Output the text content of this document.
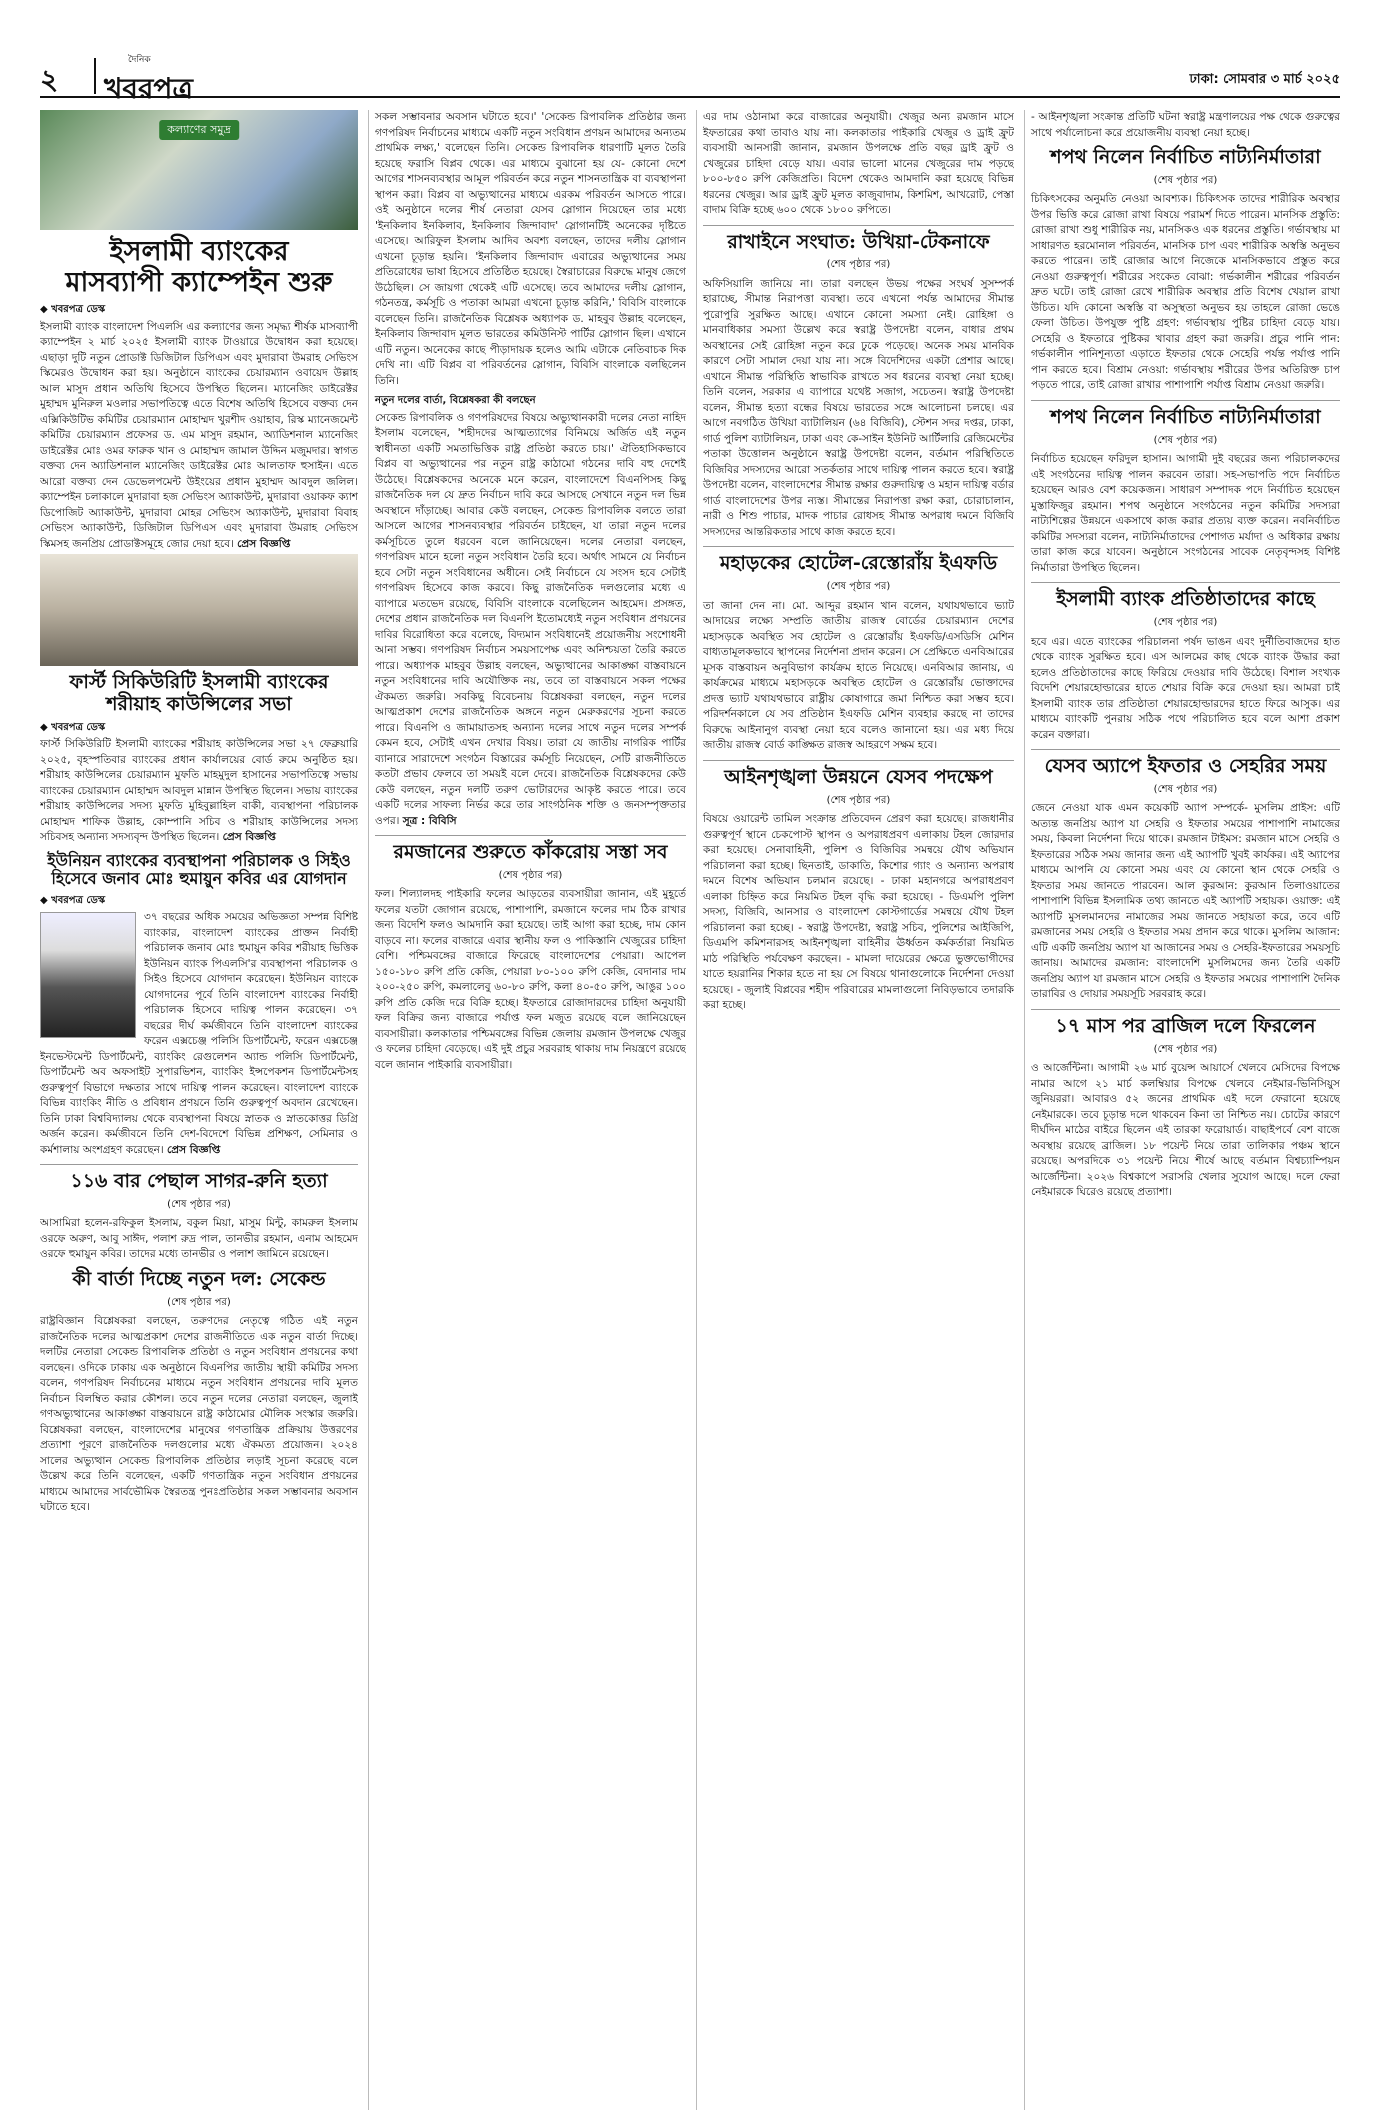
২
দৈনিক
খবরপত্র	ঢাকা: সোমবার ৩ মার্চ ২০২৫
কল্যাণের সমুদ্র
ইসলামী ব্যাংকের
মাসব্যাপী ক্যাম্পেইন শুরু
◆ খবরপত্র ডেস্ক

ইসলামী ব্যাংক বাংলাদেশ পিএলসি এর কল্যাণের জন্য সমৃদ্ধ্য শীর্ষক মাসব্যাপী ক্যাম্পেইন ২ মার্চ ২০২৫ ইসলামী ব্যাংক টাওয়ারে উদ্বোধন করা হয়েছে। এছাড়া দুটি নতুন প্রোডাক্ট ডিজিটাল ডিপিএস এবং মুদারাবা উমরাহ সেভিংস স্কিমেরও উদ্বোধন করা হয়। অনুষ্ঠানে ব্যাংকের চেয়ারম্যান ওবায়েদ উল্লাহ আল মাসুদ প্রধান অতিথি হিসেবে উপস্থিত ছিলেন। ম্যানেজিং ডাইরেক্টর মুহাম্মদ মুনিরুল মওলার সভাপতিত্বে এতে বিশেষ অতিথি হিসেবে বক্তব্য দেন এক্সিকিউটিভ কমিটির চেয়ারম্যান মোহাম্মদ খুরশীদ ওয়াহাব, রিস্ক ম্যানেজমেন্ট কমিটির চেয়ারম্যান প্রফেসর ড. এম মাসুদ রহমান, অ্যাডিশনাল ম্যানেজিং ডাইরেক্টর মোঃ ওমর ফারুক খান ও মোহাম্মদ জামাল উদ্দিন মজুমদার। স্বাগত বক্তব্য দেন অ্যাডিশনাল ম্যানেজিং ডাইরেক্টর মোঃ আলতাফ হুসাইন। এতে আরো বক্তব্য দেন ডেভেলপমেন্ট উইংয়ের প্রধান মুহাম্মদ আবদুল জলিল। ক্যাম্পেইন চলাকালে মুদারাবা হজ সেভিংস অ্যাকাউন্ট, মুদারাবা ওয়াকফ ক্যাশ ডিপোজিট অ্যাকাউন্ট, মুদারাবা মোহর সেভিংস অ্যাকাউন্ট, মুদারাবা বিবাহ সেভিংস অ্যাকাউন্ট, ডিজিটাল ডিপিএস এবং মুদারাবা উমরাহ সেভিংস স্কিমসহ জনপ্রিয় প্রোডাক্টসমূহে জোর দেয়া হবে। প্রেস বিজ্ঞপ্তি

ফার্স্ট সিকিউরিটি ইসলামী ব্যাংকের
শরীয়াহ কাউন্সিলের সভা
◆ খবরপত্র ডেস্ক

ফার্স্ট সিকিউরিটি ইসলামী ব্যাংকের শরীয়াহ কাউন্সিলের সভা ২৭ ফেব্রুয়ারি ২০২৫, বৃহস্পতিবার ব্যাংকের প্রধান কার্যালয়ের বোর্ড রুমে অনুষ্ঠিত হয়। শরীয়াহ কাউন্সিলের চেয়ারম্যান মুফতি মাহমুদুল হাসানের সভাপতিত্বে সভায় ব্যাংকের চেয়ারম্যান মোহাম্মদ আবদুল মান্নান উপস্থিত ছিলেন। সভায় ব্যাংকের শরীয়াহ কাউন্সিলের সদস্য মুফতি মুহিবুল্লাহিল বাকী, ব্যবস্থাপনা পরিচালক মোহাম্মদ শাফিক উল্লাহ, কোম্পানি সচিব ও শরীয়াহ কাউন্সিলের সদস্য সচিবসহ অন্যান্য সদস্যবৃন্দ উপস্থিত ছিলেন। প্রেস বিজ্ঞপ্তি

ইউনিয়ন ব্যাংকের ব্যবস্থাপনা পরিচালক ও সিইও
হিসেবে জনাব মোঃ হুমায়ুন কবির এর যোগদান
◆ খবরপত্র ডেস্ক

৩৭ বছরের অধিক সময়ের অভিজ্ঞতা সম্পন্ন বিশিষ্ট ব্যাংকার, বাংলাদেশ ব্যাংকের প্রাক্তন নির্বাহী পরিচালক জনাব মোঃ হুমায়ুন কবির শরীয়াহ ভিত্তিক ইউনিয়ন ব্যাংক পিএলসি'র ব্যবস্থাপনা পরিচালক ও সিইও হিসেবে যোগদান করেছেন। ইউনিয়ন ব্যাংকে যোগদানের পূর্বে তিনি বাংলাদেশ ব্যাংকের নির্বাহী পরিচালক হিসেবে দায়িত্ব পালন করেছেন। ৩৭ বছরের দীর্ঘ কর্মজীবনে তিনি বাংলাদেশ ব্যাংকের ফরেন এক্সচেঞ্জ পলিসি ডিপার্টমেন্ট, ফরেন এক্সচেঞ্জ ইনভেস্টমেন্ট ডিপার্টমেন্ট, ব্যাংকিং রেগুলেশন অ্যান্ড পলিসি ডিপার্টমেন্ট, ডিপার্টমেন্ট অব অফসাইট সুপারভিশন, ব্যাংকিং ইন্সপেকশন ডিপার্টমেন্টসহ গুরুত্বপূর্ণ বিভাগে দক্ষতার সাথে দায়িত্ব পালন করেছেন। বাংলাদেশ ব্যাংকে বিভিন্ন ব্যাংকিং নীতি ও প্রবিধান প্রণয়নে তিনি গুরুত্বপূর্ণ অবদান রেখেছেন। তিনি ঢাকা বিশ্ববিদ্যালয় থেকে ব্যবস্থাপনা বিষয়ে স্নাতক ও স্নাতকোত্তর ডিগ্রি অর্জন করেন। কর্মজীবনে তিনি দেশ-বিদেশে বিভিন্ন প্রশিক্ষণ, সেমিনার ও কর্মশালায় অংশগ্রহণ করেছেন। প্রেস বিজ্ঞপ্তি

১১৬ বার পেছাল সাগর-রুনি হত্যা
(শেষ পৃষ্ঠার পর)

আসামিরা হলেন-রফিকুল ইসলাম, বকুল মিয়া, মাসুম মিন্টু, কামরুল ইসলাম ওরফে অরুণ, আবু সাঈদ, পলাশ রুদ্র পাল, তানভীর রহমান, এনাম আহমেদ ওরফে হুমায়ুন কবির। তাদের মধ্যে তানভীর ও পলাশ জামিনে রয়েছেন।

কী বার্তা দিচ্ছে নতুন দল: সেকেন্ড
(শেষ পৃষ্ঠার পর)

রাষ্ট্রবিজ্ঞান বিশ্লেষকরা বলছেন, তরুণদের নেতৃত্বে গঠিত এই নতুন রাজনৈতিক দলের আত্মপ্রকাশ দেশের রাজনীতিতে এক নতুন বার্তা দিচ্ছে। দলটির নেতারা সেকেন্ড রিপাবলিক প্রতিষ্ঠা ও নতুন সংবিধান প্রণয়নের কথা বলছেন। ওদিকে ঢাকায় এক অনুষ্ঠানে বিএনপির জাতীয় স্থায়ী কমিটির সদস্য বলেন, গণপরিষদ নির্বাচনের মাধ্যমে নতুন সংবিধান প্রণয়নের দাবি মূলত নির্বাচন বিলম্বিত করার কৌশল। তবে নতুন দলের নেতারা বলছেন, জুলাই গণঅভ্যুত্থানের আকাঙ্ক্ষা বাস্তবায়নে রাষ্ট্র কাঠামোর মৌলিক সংস্কার জরুরি। বিশ্লেষকরা বলছেন, বাংলাদেশের মানুষের গণতান্ত্রিক প্রক্রিয়ায় উত্তরণের প্রত্যাশা পূরণে রাজনৈতিক দলগুলোর মধ্যে ঐকমত্য প্রয়োজন। ২০২৪ সালের অভ্যুত্থান সেকেন্ড রিপাবলিক প্রতিষ্ঠার লড়াই সূচনা করেছে বলে উল্লেখ করে তিনি বলেছেন, একটি গণতান্ত্রিক নতুন সংবিধান প্রণয়নের মাধ্যমে আমাদের সার্বভৌমিক স্বৈরতন্ত্র পুনঃপ্রতিষ্ঠার সকল সম্ভাবনার অবসান ঘটাতে হবে।

সকল সম্ভাবনার অবসান ঘটাতে হবে।' 'সেকেন্ড রিপাবলিক প্রতিষ্ঠার জন্য গণপরিষদ নির্বাচনের মাধ্যমে একটি নতুন সংবিধান প্রণয়ন আমাদের অন্যতম প্রাথমিক লক্ষ্য,' বলেছেন তিনি। সেকেন্ড রিপাবলিক ধারণাটি মূলত তৈরি হয়েছে ফরাসি বিপ্লব থেকে। এর মাধ্যমে বুঝানো হয় যে- কোনো দেশে আগের শাসনব্যবস্থার আমূল পরিবর্তন করে নতুন শাসনতান্ত্রিক বা ব্যবস্থাপনা স্থাপন করা। বিপ্লব বা অভ্যুত্থানের মাধ্যমে এরকম পরিবর্তন আসতে পারে। ওই অনুষ্ঠানে দলের শীর্ষ নেতারা যেসব স্লোগান দিয়েছেন তার মধ্যে 'ইনকিলাব ইনকিলাব, ইনকিলাব জিন্দাবাদ' স্লোগানটিই অনেকের দৃষ্টিতে এসেছে। আরিফুল ইসলাম আদিব অবশ্য বলছেন, তাদের দলীয় স্লোগান এখনো চূড়ান্ত হয়নি। 'ইনকিলাব জিন্দাবাদ এবারের অভ্যুত্থানের সময় প্রতিরোধের ভাষা হিসেবে প্রতিষ্ঠিত হয়েছে। স্বৈরাচারের বিরুদ্ধে মানুষ জেগে উঠেছিল। সে জায়গা থেকেই এটি এসেছে। তবে আমাদের দলীয় স্লোগান, গঠনতন্ত্র, কর্মসূচি ও পতাকা আমরা এখনো চূড়ান্ত করিনি,' বিবিসি বাংলাকে বলেছেন তিনি। রাজনৈতিক বিশ্লেষক অধ্যাপক ড. মাহবুব উল্লাহ বলেছেন, ইনকিলাব জিন্দাবাদ মূলত ভারতের কমিউনিস্ট পার্টির স্লোগান ছিল। এখানে এটি নতুন। অনেকের কাছে পীড়াদায়ক হলেও আমি এটাকে নেতিবাচক দিক দেখি না। এটি বিপ্লব বা পরিবর্তনের স্লোগান, বিবিসি বাংলাকে বলছিলেন তিনি।

নতুন দলের বার্তা, বিশ্লেষকরা কী বলছেন

সেকেন্ড রিপাবলিক ও গণপরিষদের বিষয়ে অভ্যুত্থানকারী দলের নেতা নাহিদ ইসলাম বলেছেন, 'শহীদদের আত্মত্যাগের বিনিময়ে অর্জিত এই নতুন স্বাধীনতা একটি সমতাভিত্তিক রাষ্ট্র প্রতিষ্ঠা করতে চায়।' ঐতিহাসিকভাবে বিপ্লব বা অভ্যুত্থানের পর নতুন রাষ্ট্র কাঠামো গঠনের দাবি বহু দেশেই উঠেছে। বিশ্লেষকদের অনেকে মনে করেন, বাংলাদেশে বিএনপিসহ কিছু রাজনৈতিক দল যে দ্রুত নির্বাচন দাবি করে আসছে সেখানে নতুন দল ভিন্ন অবস্থানে দাঁড়াচ্ছে। আবার কেউ বলছেন, সেকেন্ড রিপাবলিক বলতে তারা আসলে আগের শাসনব্যবস্থার পরিবর্তন চাইছেন, যা তারা নতুন দলের কর্মসূচিতে তুলে ধরবেন বলে জানিয়েছেন। দলের নেতারা বলছেন, গণপরিষদ মানে হলো নতুন সংবিধান তৈরি হবে। অর্থাৎ সামনে যে নির্বাচন হবে সেটা নতুন সংবিধানের অধীনে। সেই নির্বাচনে যে সংসদ হবে সেটাই গণপরিষদ হিসেবে কাজ করবে। কিছু রাজনৈতিক দলগুলোর মধ্যে এ ব্যাপারে মতভেদ রয়েছে, বিবিসি বাংলাকে বলেছিলেন আহমেদ। প্রসঙ্গত, দেশের প্রধান রাজনৈতিক দল বিএনপি ইতোমধ্যেই নতুন সংবিধান প্রণয়নের দাবির বিরোধিতা করে বলেছে, বিদ্যমান সংবিধানেই প্রয়োজনীয় সংশোধনী আনা সম্ভব। গণপরিষদ নির্বাচন সময়সাপেক্ষ এবং অনিশ্চয়তা তৈরি করতে পারে। অধ্যাপক মাহবুব উল্লাহ বলছেন, অভ্যুত্থানের আকাঙ্ক্ষা বাস্তবায়নে নতুন সংবিধানের দাবি অযৌক্তিক নয়, তবে তা বাস্তবায়নে সকল পক্ষের ঐকমত্য জরুরি। সবকিছু বিবেচনায় বিশ্লেষকরা বলছেন, নতুন দলের আত্মপ্রকাশ দেশের রাজনৈতিক অঙ্গনে নতুন মেরুকরণের সূচনা করতে পারে। বিএনপি ও জামায়াতসহ অন্যান্য দলের সাথে নতুন দলের সম্পর্ক কেমন হবে, সেটাই এখন দেখার বিষয়। তারা যে জাতীয় নাগরিক পার্টির ব্যানারে সারাদেশে সংগঠন বিস্তারের কর্মসূচি নিয়েছেন, সেটি রাজনীতিতে কতটা প্রভাব ফেলবে তা সময়ই বলে দেবে। রাজনৈতিক বিশ্লেষকদের কেউ কেউ বলছেন, নতুন দলটি তরুণ ভোটারদের আকৃষ্ট করতে পারে। তবে একটি দলের সাফল্য নির্ভর করে তার সাংগঠনিক শক্তি ও জনসম্পৃক্ততার ওপর। সূত্র : বিবিসি

রমজানের শুরুতে কাঁকরোয় সস্তা সব
(শেষ পৃষ্ঠার পর)

ফল। শিল্যালদহ পাইকারি ফলের আড়তের ব্যবসায়ীরা জানান, এই মুহূর্তে ফলের যতটা জোগান রয়েছে, পাশাপাশি, রমজানে ফলের দাম ঠিক রাখার জন্য বিদেশি ফলও আমদানি করা হয়েছে। তাই আগা করা হচ্ছে, দাম কোন বাড়বে না। ফলের বাজারে এবার স্থানীয় ফল ও পাকিস্তানি খেজুরের চাহিদা বেশি। পশ্চিমবঙ্গের বাজারে ফিরেছে বাংলাদেশের পেয়ারা। আপেল ১৫০-১৮০ রুপি প্রতি কেজি, পেয়ারা ৮০-১০০ রুপি কেজি, বেদানার দাম ২০০-২৫০ রুপি, কমলালেবু ৬০-৮০ রুপি, কলা ৪০-৫০ রুপি, আঙুর ১০০ রুপি প্রতি কেজি দরে বিক্রি হচ্ছে। ইফতারে রোজাদারদের চাহিদা অনুযায়ী ফল বিক্রির জন্য বাজারে পর্যাপ্ত ফল মজুত রয়েছে বলে জানিয়েছেন ব্যবসায়ীরা। কলকাতার পশ্চিমবঙ্গের বিভিন্ন জেলায় রমজান উপলক্ষে খেজুর ও ফলের চাহিদা বেড়েছে। এই দুই প্রচুর সরবরাহ থাকায় দাম নিয়ন্ত্রণে রয়েছে বলে জানান পাইকারি ব্যবসায়ীরা।

এর দাম ওঠানামা করে বাজারের অনুযায়ী। খেজুর অন্য রমজান মাসে ইফতারের কথা তাবাও যায় না। কলকাতার পাইকারি খেজুর ও ড্রাই ফ্রুট ব্যবসায়ী আনসারী জানান, রমজান উপলক্ষে প্রতি বছর ড্রাই ফ্রুট ও খেজুরের চাহিদা বেড়ে যায়। এবার ভালো মানের খেজুরের দাম পড়ছে ৮০০-৮৫০ রুপি কেজিপ্রতি। বিদেশ থেকেও আমদানি করা হয়েছে বিভিন্ন ধরনের খেজুর। আর ড্রাই ফ্রুট মূলত কাজুবাদাম, কিশমিশ, আখরোট, পেস্তা বাদাম বিক্রি হচ্ছে ৬০০ থেকে ১৮০০ রুপিতে।

রাখাইনে সংঘাত: উখিয়া-টেকনাফে
(শেষ পৃষ্ঠার পর)

অফিসিয়ালি জানিয়ে না। তারা বলছেন উভয় পক্ষের সংঘর্ষ সুসম্পর্ক হারাচ্ছে, সীমান্ত নিরাপত্তা ব্যবস্থা। তবে এখনো পর্যন্ত আমাদের সীমান্ত পুরোপুরি সুরক্ষিত আছে। এখানে কোনো সমস্যা নেই। রোহিঙ্গা ও মানবাধিকার সমস্যা উল্লেখ করে স্বরাষ্ট্র উপদেষ্টা বলেন, বাধার প্রথম অবস্থানের সেই রোহিঙ্গা নতুন করে ঢুকে পড়েছে। অনেক সময় মানবিক কারণে সেটা সামাল দেয়া যায় না। সঙ্গে বিদেশিদের একটা প্রেশার আছে। এখানে সীমান্ত পরিস্থিতি স্বাভাবিক রাখতে সব ধরনের ব্যবস্থা নেয়া হচ্ছে। তিনি বলেন, সরকার এ ব্যাপারে যথেষ্ট সজাগ, সচেতন। স্বরাষ্ট্র উপদেষ্টা বলেন, সীমান্ত হত্যা বন্ধের বিষয়ে ভারতের সঙ্গে আলোচনা চলছে। এর আগে নবগঠিত উখিয়া ব্যাটালিয়ন (৬৪ বিজিবি), স্টেশন সদর দপ্তর, ঢাকা, গার্ড পুলিশ ব্যাটালিয়ন, ঢাকা এবং কে-সাইন ইউনিট আর্টিলারি রেজিমেন্টের পতাকা উত্তোলন অনুষ্ঠানে স্বরাষ্ট্র উপদেষ্টা বলেন, বর্তমান পরিস্থিতিতে বিজিবির সদস্যদের আরো সতর্কতার সাথে দায়িত্ব পালন করতে হবে। স্বরাষ্ট্র উপদেষ্টা বলেন, বাংলাদেশের সীমান্ত রক্ষার গুরুদায়িত্ব ও মহান দায়িত্ব বর্ডার গার্ড বাংলাদেশের উপর ন্যস্ত। সীমান্তের নিরাপত্তা রক্ষা করা, চোরাচালান, নারী ও শিশু পাচার, মাদক পাচার রোধসহ সীমান্ত অপরাধ দমনে বিজিবি সদস্যদের আন্তরিকতার সাথে কাজ করতে হবে।

মহাড়কের হোটেল-রেস্তোরাঁয় ইএফডি
(শেষ পৃষ্ঠার পর)

তা জানা দেন না। মো. আব্দুর রহমান খান বলেন, যথাযথভাবে ভ্যাট আদায়ের লক্ষ্যে সম্প্রতি জাতীয় রাজস্ব বোর্ডের চেয়ারম্যান দেশের মহাসড়কে অবস্থিত সব হোটেল ও রেস্তোরাঁয় ইএফডি/এসডিসি মেশিন বাধ্যতামূলকভাবে স্থাপনের নির্দেশনা প্রদান করেন। সে প্রেক্ষিতে এনবিআরের মূসক বাস্তবায়ন অনুবিভাগ কার্যক্রম হাতে নিয়েছে। এনবিআর জানায়, এ কার্যক্রমের মাধ্যমে মহাসড়কে অবস্থিত হোটেল ও রেস্তোরাঁয় ভোক্তাদের প্রদত্ত ভ্যাট যথাযথভাবে রাষ্ট্রীয় কোষাগারে জমা নিশ্চিত করা সম্ভব হবে। পরিদর্শনকালে যে সব প্রতিষ্ঠান ইএফডি মেশিন ব্যবহার করছে না তাদের বিরুদ্ধে আইনানুগ ব্যবস্থা নেয়া হবে বলেও জানানো হয়। এর মধ্য দিয়ে জাতীয় রাজস্ব বোর্ড কাঙ্ক্ষিত রাজস্ব আহরণে সক্ষম হবে।

আইনশৃঙ্খলা উন্নয়নে যেসব পদক্ষেপ
(শেষ পৃষ্ঠার পর)

বিষয়ে ওয়ারেন্ট তামিল সংক্রান্ত প্রতিবেদন প্রেরণ করা হয়েছে। রাজধানীর গুরুত্বপূর্ণ স্থানে চেকপোস্ট স্থাপন ও অপরাধপ্রবণ এলাকায় টহল জোরদার করা হয়েছে। সেনাবাহিনী, পুলিশ ও বিজিবির সমন্বয়ে যৌথ অভিযান পরিচালনা করা হচ্ছে। ছিনতাই, ডাকাতি, কিশোর গ্যাং ও অন্যান্য অপরাধ দমনে বিশেষ অভিযান চলমান রয়েছে। - ঢাকা মহানগরে অপরাধপ্রবণ এলাকা চিহ্নিত করে নিয়মিত টহল বৃদ্ধি করা হয়েছে। - ডিএমপি পুলিশ সদস্য, বিজিবি, আনসার ও বাংলাদেশ কোস্টগার্ডের সমন্বয়ে যৌথ টহল পরিচালনা করা হচ্ছে। - স্বরাষ্ট্র উপদেষ্টা, স্বরাষ্ট্র সচিব, পুলিশের আইজিপি, ডিএমপি কমিশনারসহ আইনশৃঙ্খলা বাহিনীর ঊর্ধ্বতন কর্মকর্তারা নিয়মিত মাঠ পরিস্থিতি পর্যবেক্ষণ করছেন। - মামলা দায়েরের ক্ষেত্রে ভুক্তভোগীদের যাতে হয়রানির শিকার হতে না হয় সে বিষয়ে থানাগুলোকে নির্দেশনা দেওয়া হয়েছে। - জুলাই বিপ্লবের শহীদ পরিবারের মামলাগুলো নিবিড়ভাবে তদারকি করা হচ্ছে।

- আইনশৃঙ্খলা সংক্রান্ত প্রতিটি ঘটনা স্বরাষ্ট্র মন্ত্রণালয়ের পক্ষ থেকে গুরুত্বের সাথে পর্যালোচনা করে প্রয়োজনীয় ব্যবস্থা নেয়া হচ্ছে।

শপথ নিলেন নির্বাচিত নাট্যনির্মাতারা
(শেষ পৃষ্ঠার পর)

চিকিৎসকের অনুমতি নেওয়া আবশ্যক। চিকিৎসক তাদের শারীরিক অবস্থার উপর ভিত্তি করে রোজা রাখা বিষয়ে পরামর্শ দিতে পারেন। মানসিক প্রস্তুতি: রোজা রাখা শুধু শারীরিক নয়, মানসিকও এক ধরনের প্রস্তুতি। গর্ভাবস্থায় মা সাধারণত হরমোনাল পরিবর্তন, মানসিক চাপ এবং শারীরিক অস্বস্তি অনুভব করতে পারেন। তাই রোজার আগে নিজেকে মানসিকভাবে প্রস্তুত করে নেওয়া গুরুত্বপূর্ণ। শরীরের সংকেত বোঝা: গর্ভকালীন শরীরের পরিবর্তন দ্রুত ঘটে। তাই রোজা রেখে শারীরিক অবস্থার প্রতি বিশেষ খেয়াল রাখা উচিত। যদি কোনো অস্বস্তি বা অসুস্থতা অনুভব হয় তাহলে রোজা ভেঙে ফেলা উচিত। উপযুক্ত পুষ্টি গ্রহণ: গর্ভাবস্থায় পুষ্টির চাহিদা বেড়ে যায়। সেহেরি ও ইফতারে পুষ্টিকর খাবার গ্রহণ করা জরুরি। প্রচুর পানি পান: গর্ভকালীন পানিশূন্যতা এড়াতে ইফতার থেকে সেহেরি পর্যন্ত পর্যাপ্ত পানি পান করতে হবে। বিশ্রাম নেওয়া: গর্ভাবস্থায় শরীরের উপর অতিরিক্ত চাপ পড়তে পারে, তাই রোজা রাখার পাশাপাশি পর্যাপ্ত বিশ্রাম নেওয়া জরুরি।

শপথ নিলেন নির্বাচিত নাট্যনির্মাতারা
(শেষ পৃষ্ঠার পর)

নির্বাচিত হয়েছেন ফরিদুল হাসান। আগামী দুই বছরের জন্য পরিচালকদের এই সংগঠনের দায়িত্ব পালন করবেন তারা। সহ-সভাপতি পদে নির্বাচিত হয়েছেন আরও বেশ কয়েকজন। সাধারণ সম্পাদক পদে নির্বাচিত হয়েছেন মুস্তাফিজুর রহমান। শপথ অনুষ্ঠানে সংগঠনের নতুন কমিটির সদস্যরা নাট্যশিল্পের উন্নয়নে একসাথে কাজ করার প্রত্যয় ব্যক্ত করেন। নবনির্বাচিত কমিটির সদস্যরা বলেন, নাট্যনির্মাতাদের পেশাগত মর্যাদা ও অধিকার রক্ষায় তারা কাজ করে যাবেন। অনুষ্ঠানে সংগঠনের সাবেক নেতৃবৃন্দসহ বিশিষ্ট নির্মাতারা উপস্থিত ছিলেন।

ইসলামী ব্যাংক প্রতিষ্ঠাতাদের কাছে
(শেষ পৃষ্ঠার পর)

হবে এর। এতে ব্যাংকের পরিচালনা পর্ষদ ভাঙন এবং দুর্নীতিবাজদের হাত থেকে ব্যাংক সুরক্ষিত হবে। এস আলমের কাছ থেকে ব্যাংক উদ্ধার করা হলেও প্রতিষ্ঠাতাদের কাছে ফিরিয়ে দেওয়ার দাবি উঠেছে। বিশাল সংখ্যক বিদেশি শেয়ারহোল্ডারের হাতে শেয়ার বিক্রি করে দেওয়া হয়। আমরা চাই ইসলামী ব্যাংক তার প্রতিষ্ঠাতা শেয়ারহোল্ডারদের হাতে ফিরে আসুক। এর মাধ্যমে ব্যাংকটি পুনরায় সঠিক পথে পরিচালিত হবে বলে আশা প্রকাশ করেন বক্তারা।

যেসব অ্যাপে ইফতার ও সেহরির সময়
(শেষ পৃষ্ঠার পর)

জেনে নেওয়া যাক এমন কয়েকটি অ্যাপ সম্পর্কে- মুসলিম প্রাইস: এটি অত্যন্ত জনপ্রিয় অ্যাপ যা সেহরি ও ইফতার সময়ের পাশাপাশি নামাজের সময়, কিবলা নির্দেশনা দিয়ে থাকে। রমজান টাইমস: রমজান মাসে সেহরি ও ইফতারের সঠিক সময় জানার জন্য এই অ্যাপটি খুবই কার্যকর। এই অ্যাপের মাধ্যমে আপনি যে কোনো সময় এবং যে কোনো স্থান থেকে সেহরি ও ইফতার সময় জানতে পারবেন। আল কুরআন: কুরআন তিলাওয়াতের পাশাপাশি বিভিন্ন ইসলামিক তথ্য জানতে এই অ্যাপটি সহায়ক। ওয়াক্ত: এই অ্যাপটি মুসলমানদের নামাজের সময় জানতে সহায়তা করে, তবে এটি রমজানের সময় সেহরি ও ইফতার সময় প্রদান করে থাকে। মুসলিম আজান: এটি একটি জনপ্রিয় অ্যাপ যা আজানের সময় ও সেহরি-ইফতারের সময়সূচি জানায়। আমাদের রমজান: বাংলাদেশি মুসলিমদের জন্য তৈরি একটি জনপ্রিয় অ্যাপ যা রমজান মাসে সেহরি ও ইফতার সময়ের পাশাপাশি দৈনিক তারাবির ও দোয়ার সময়সূচি সরবরাহ করে।

১৭ মাস পর ব্রাজিল দলে ফিরলেন
(শেষ পৃষ্ঠার পর)

ও আর্জেন্টিনা। আগামী ২৬ মার্চ বুয়েন্স আয়ার্সে খেলবে মেসিদের বিপক্ষে নামার আগে ২১ মার্চ কলম্বিয়ার বিপক্ষে খেলবে নেইমার-ভিনিসিয়ুস জুনিয়ররা। আবারও ৫২ জনের প্রাথমিক এই দলে ফেরানো হয়েছে নেইমারকে। তবে চূড়ান্ত দলে থাকবেন কিনা তা নিশ্চিত নয়। চোটের কারণে দীর্ঘদিন মাঠের বাইরে ছিলেন এই তারকা ফরোয়ার্ড। বাছাইপর্বে বেশ বাজে অবস্থায় রয়েছে ব্রাজিল। ১৮ পয়েন্ট নিয়ে তারা তালিকার পঞ্চম স্থানে রয়েছে। অপরদিকে ৩১ পয়েন্ট নিয়ে শীর্ষে আছে বর্তমান বিশ্বচ্যাম্পিয়ন আর্জেন্টিনা। ২০২৬ বিশ্বকাপে সরাসরি খেলার সুযোগ আছে। দলে ফেরা নেইমারকে ঘিরেও রয়েছে প্রত্যাশা।
